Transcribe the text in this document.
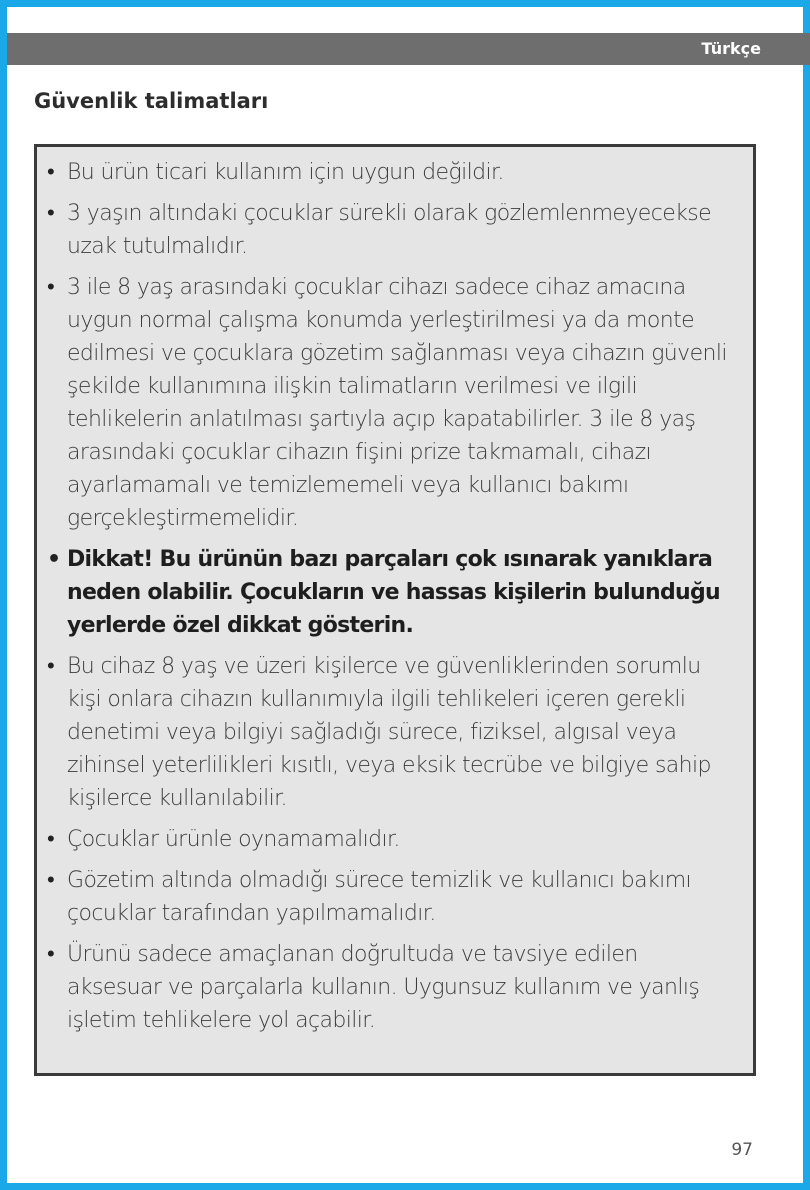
Türkçe
Güvenlik talimatları
• Bu ürün ticari kullanım için uygun değildir.
• 3 yaşın altındaki çocuklar sürekli olarak gözlemlenmeyecekse uzak tutulmalıdır.
• 3 ile 8 yaş arasındaki çocuklar cihazı sadece cihaz amacına uygun normal çalışma konumda yerleştirilmesi ya da monte edilmesi ve çocuklara gözetim sağlanması veya cihazın güvenli şekilde kullanımına ilişkin talimatların verilmesi ve ilgili tehlikelerin anlatılması şartıyla açıp kapatabilirler. 3 ile 8 yaş arasındaki çocuklar cihazın fişini prize takmamalı, cihazı ayarlamamalı ve temizlememeli veya kullanıcı bakımı gerçekleştirmemelidir.
• Dikkat! Bu ürünün bazı parçaları çok ısınarak yanıklara neden olabilir. Çocukların ve hassas kişilerin bulunduğu yerlerde özel dikkat gösterin.
• Bu cihaz 8 yaş ve üzeri kişilerce ve güvenliklerinden sorumlu kişi onlara cihazın kullanımıyla ilgili tehlikeleri içeren gerekli denetimi veya bilgiyi sağladığı sürece, fiziksel, algısal veya zihinsel yeterlilikleri kısıtlı, veya eksik tecrübe ve bilgiye sahip kişilerce kullanılabilir.
• Çocuklar ürünle oynamamalıdır.
• Gözetim altında olmadığı sürece temizlik ve kullanıcı bakımı çocuklar tarafından yapılmamalıdır.
• Ürünü sadece amaçlanan doğrultuda ve tavsiye edilen aksesuar ve parçalarla kullanın. Uygunsuz kullanım ve yanlış işletim tehlikelere yol açabilir.
97
